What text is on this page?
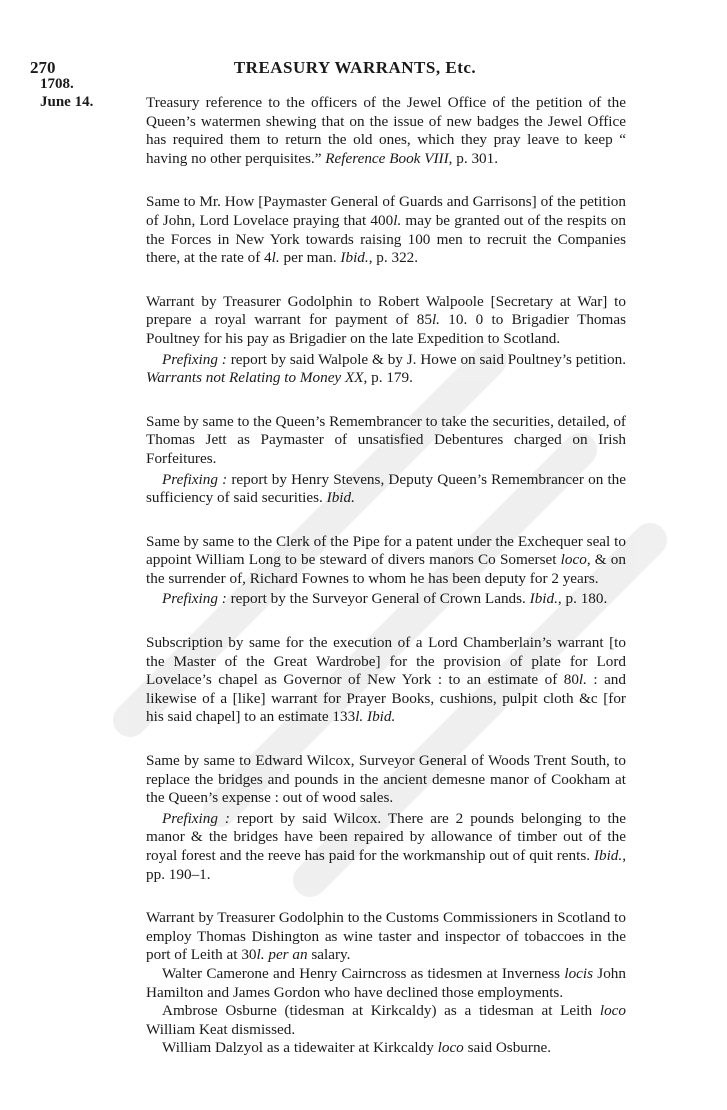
270	TREASURY WARRANTS, Etc.
1708.
June 14.	Treasury reference to the officers of the Jewel Office of the petition of the Queen’s watermen shewing that on the issue of new badges the Jewel Office has required them to return the old ones, which they pray leave to keep “ having no other perquisites.” Reference Book VIII, p. 301.

Same to Mr. How [Paymaster General of Guards and Garrisons] of the petition of John, Lord Lovelace praying that 400l. may be granted out of the respits on the Forces in New York towards raising 100 men to recruit the Companies there, at the rate of 4l. per man. Ibid., p. 322.

Warrant by Treasurer Godolphin to Robert Walpoole [Secretary at War] to prepare a royal warrant for payment of 85l. 10. 0 to Brigadier Thomas Poultney for his pay as Brigadier on the late Expedition to Scotland.

Prefixing : report by said Walpole & by J. Howe on said Poultney’s petition. Warrants not Relating to Money XX, p. 179.

Same by same to the Queen’s Remembrancer to take the securities, detailed, of Thomas Jett as Paymaster of unsatisfied Debentures charged on Irish Forfeitures.

Prefixing : report by Henry Stevens, Deputy Queen’s Remembrancer on the sufficiency of said securities. Ibid.

Same by same to the Clerk of the Pipe for a patent under the Exchequer seal to appoint William Long to be steward of divers manors Co Somerset loco, & on the surrender of, Richard Fownes to whom he has been deputy for 2 years.

Prefixing : report by the Surveyor General of Crown Lands. Ibid., p. 180.

Subscription by same for the execution of a Lord Chamberlain’s warrant [to the Master of the Great Wardrobe] for the provision of plate for Lord Lovelace’s chapel as Governor of New York : to an estimate of 80l. : and likewise of a [like] warrant for Prayer Books, cushions, pulpit cloth &c [for his said chapel] to an estimate 133l. Ibid.

Same by same to Edward Wilcox, Surveyor General of Woods Trent South, to replace the bridges and pounds in the ancient demesne manor of Cookham at the Queen’s expense : out of wood sales.

Prefixing : report by said Wilcox. There are 2 pounds belonging to the manor & the bridges have been repaired by allowance of timber out of the royal forest and the reeve has paid for the workmanship out of quit rents. Ibid., pp. 190–1.

Warrant by Treasurer Godolphin to the Customs Commissioners in Scotland to employ Thomas Dishington as wine taster and inspector of tobaccoes in the port of Leith at 30l. per an salary.

Walter Camerone and Henry Cairncross as tidesmen at Inverness locis John Hamilton and James Gordon who have declined those employments.

Ambrose Osburne (tidesman at Kirkcaldy) as a tidesman at Leith loco William Keat dismissed.

William Dalzyol as a tidewaiter at Kirkcaldy loco said Osburne.
